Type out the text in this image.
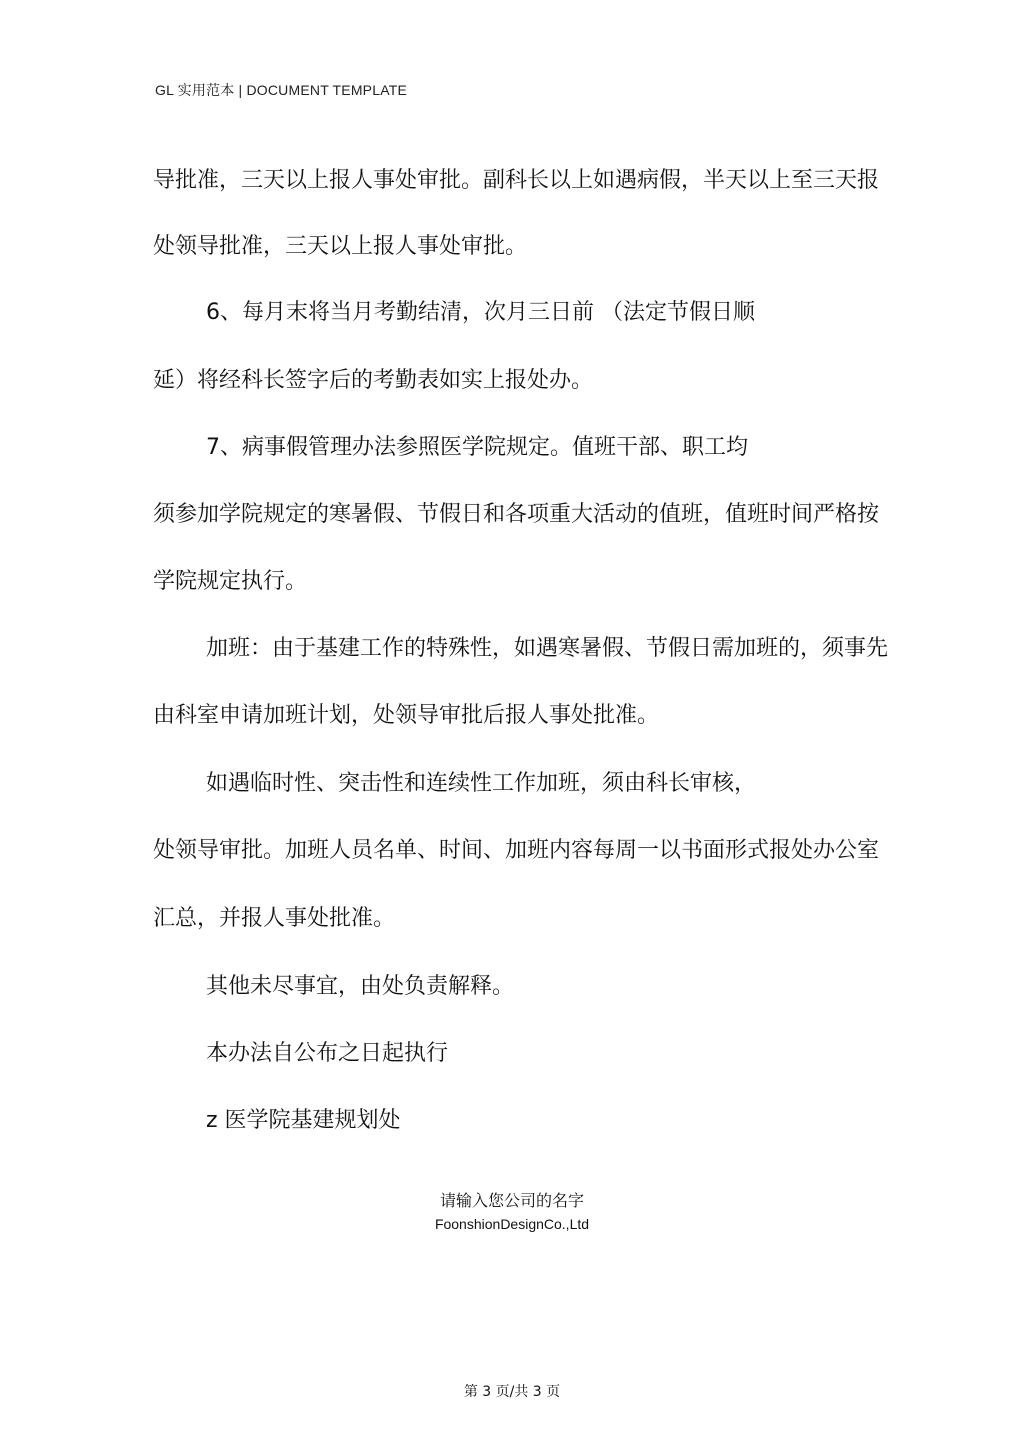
GL 实用范本 | DOCUMENT TEMPLATE
导批准，三天以上报人事处审批。副科长以上如遇病假，半天以上至三天报
处领导批准，三天以上报人事处审批。
6、每月末将当月考勤结清，次月三日前 （法定节假日顺
延）将经科长签字后的考勤表如实上报处办。
7、病事假管理办法参照医学院规定。值班干部、职工均
须参加学院规定的寒暑假、节假日和各项重大活动的值班，值班时间严格按
学院规定执行。
加班：由于基建工作的特殊性，如遇寒暑假、节假日需加班的，须事先
由科室申请加班计划，处领导审批后报人事处批准。
如遇临时性、突击性和连续性工作加班，须由科长审核，
处领导审批。加班人员名单、时间、加班内容每周一以书面形式报处办公室
汇总，并报人事处批准。
其他未尽事宜，由处负责解释。
本办法自公布之日起执行
z 医学院基建规划处
请输入您公司的名字
FoonshionDesignCo.,Ltd
第 3 页/共 3 页
